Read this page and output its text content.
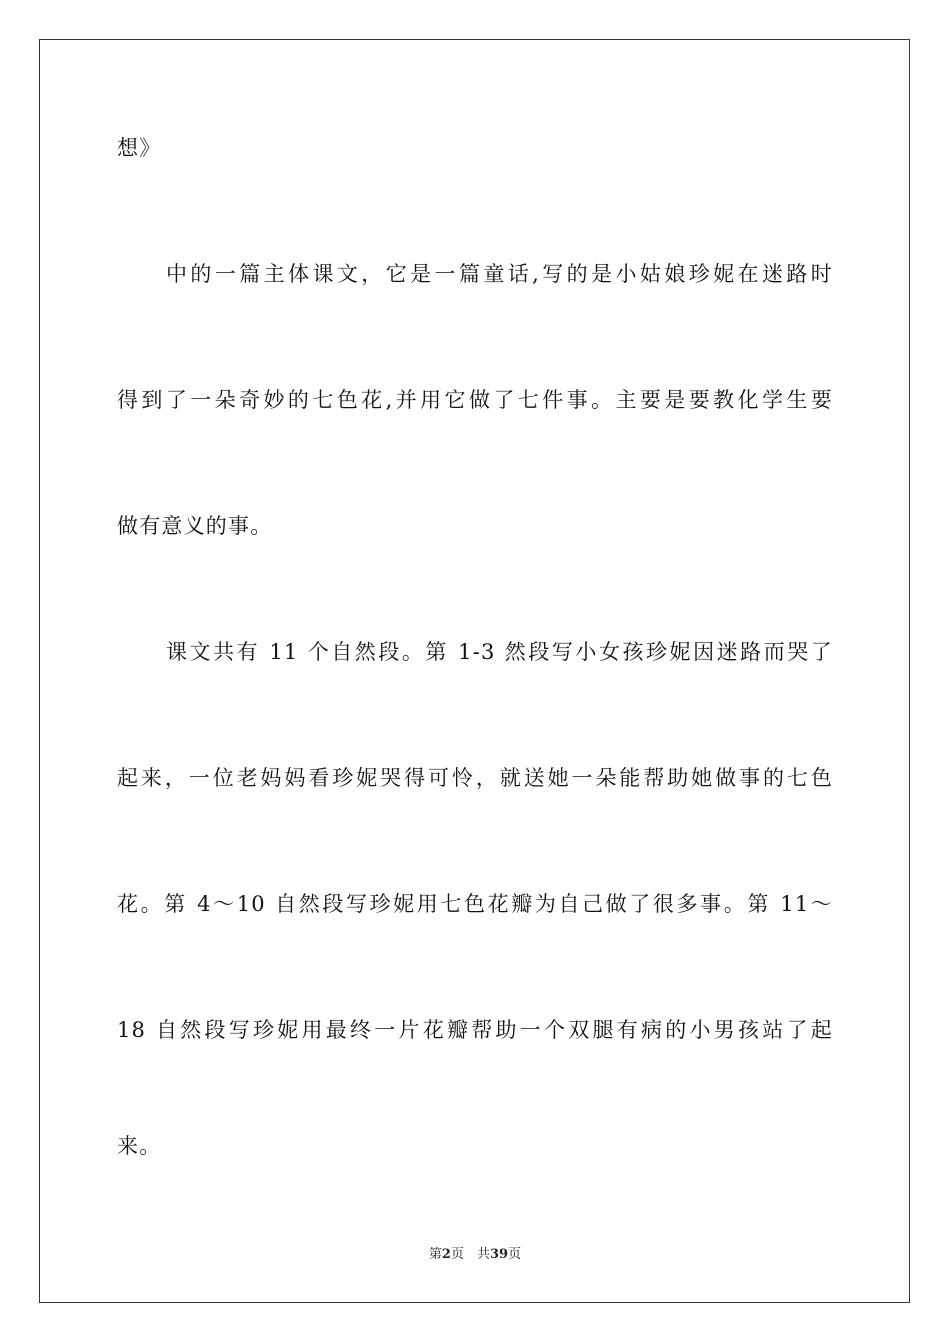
想》
中的一篇主体课文，它是一篇童话,写的是小姑娘珍妮在迷路时
得到了一朵奇妙的七色花,并用它做了七件事。主要是要教化学生要
做有意义的事。
课文共有 11 个自然段。第 1-3 然段写小女孩珍妮因迷路而哭了
起来，一位老妈妈看珍妮哭得可怜，就送她一朵能帮助她做事的七色
花。第 4～10 自然段写珍妮用七色花瓣为自己做了很多事。第 11～
18 自然段写珍妮用最终一片花瓣帮助一个双腿有病的小男孩站了起
来。
第2页　共39页
